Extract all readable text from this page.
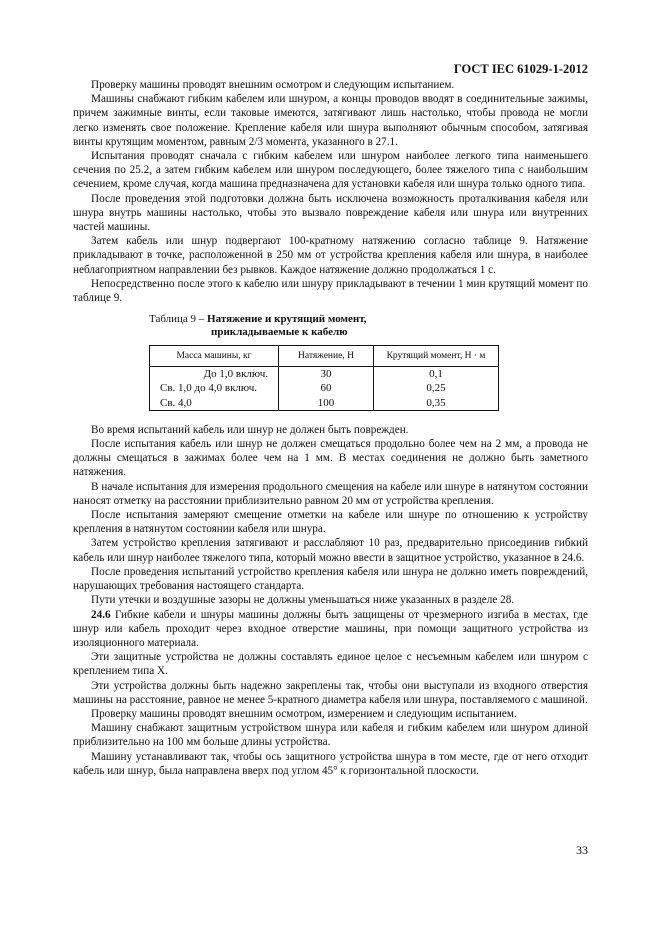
ГОСТ IEC 61029-1-2012

Проверку машины проводят внешним осмотром и следующим испытанием.

Машины снабжают гибким кабелем или шнуром, а концы проводов вводят в соединительные зажимы, причем зажимные винты, если таковые имеются, затягивают лишь настолько, чтобы провода не могли легко изменять свое положение. Крепление кабеля или шнура выполняют обычным способом, затягивая винты крутящим моментом, равным 2/3 момента, указанного в 27.1.

Испытания проводят сначала с гибким кабелем или шнуром наиболее легкого типа наименьшего сечения по 25.2, а затем гибким кабелем или шнуром последующего, более тяжелого типа с наибольшим сечением, кроме случая, когда машина предназначена для установки кабеля или шнура только одного типа.

После проведения этой подготовки должна быть исключена возможность проталкивания кабеля или шнура внутрь машины настолько, чтобы это вызвало повреждение кабеля или шнура или внутренних частей машины.

Затем кабель или шнур подвергают 100-кратному натяжению согласно таблице 9. Натяжение прикладывают в точке, расположенной в 250 мм от устройства крепления кабеля или шнура, в наиболее неблагоприятном направлении без рывков. Каждое натяжение должно продолжаться 1 с.

Непосредственно после этого к кабелю или шнуру прикладывают в течении 1 мин крутящий момент по таблице 9.

Таблица 9 – Натяжение и крутящий момент,
прикладываемые к кабелю
Масса машины, кг	Натяжение, Н	Крутящий момент, Н · м
До 1,0 включ.	30	0,1
Св. 1,0 до 4,0 включ.	60	0,25
Св. 4,0	100	0,35

Во время испытаний кабель или шнур не должен быть поврежден.

После испытания кабель или шнур не должен смещаться продольно более чем на 2 мм, а провода не должны смещаться в зажимах более чем на 1 мм. В местах соединения не должно быть заметного натяжения.

В начале испытания для измерения продольного смещения на кабеле или шнуре в натянутом состоянии наносят отметку на расстоянии приблизительно равном 20 мм от устройства крепления.

После испытания замеряют смещение отметки на кабеле или шнуре по отношению к устройству крепления в натянутом состоянии кабеля или шнура.

Затем устройство крепления затягивают и расслабляют 10 раз, предварительно присоединив гибкий кабель или шнур наиболее тяжелого типа, который можно ввести в защитное устройство, указанное в 24.6.

После проведения испытаний устройство крепления кабеля или шнура не должно иметь повреждений, нарушающих требования настоящего стандарта.

Пути утечки и воздушные зазоры не должны уменьшаться ниже указанных в разделе 28.

24.6 Гибкие кабели и шнуры машины должны быть защищены от чрезмерного изгиба в местах, где шнур или кабель проходит через входное отверстие машины, при помощи защитного устройства из изоляционного материала.

Эти защитные устройства не должны составлять единое целое с несъемным кабелем или шнуром с креплением типа X.

Эти устройства должны быть надежно закреплены так, чтобы они выступали из входного отверстия машины на расстояние, равное не менее 5-кратного диаметра кабеля или шнура, поставляемого с машиной.

Проверку машины проводят внешним осмотром, измерением и следующим испытанием.

Машину снабжают защитным устройством шнура или кабеля и гибким кабелем или шнуром длиной приблизительно на 100 мм больше длины устройства.

Машину устанавливают так, чтобы ось защитного устройства шнура в том месте, где от него отходит кабель или шнур, была направлена вверх под углом 45° к горизонтальной плоскости.

33
